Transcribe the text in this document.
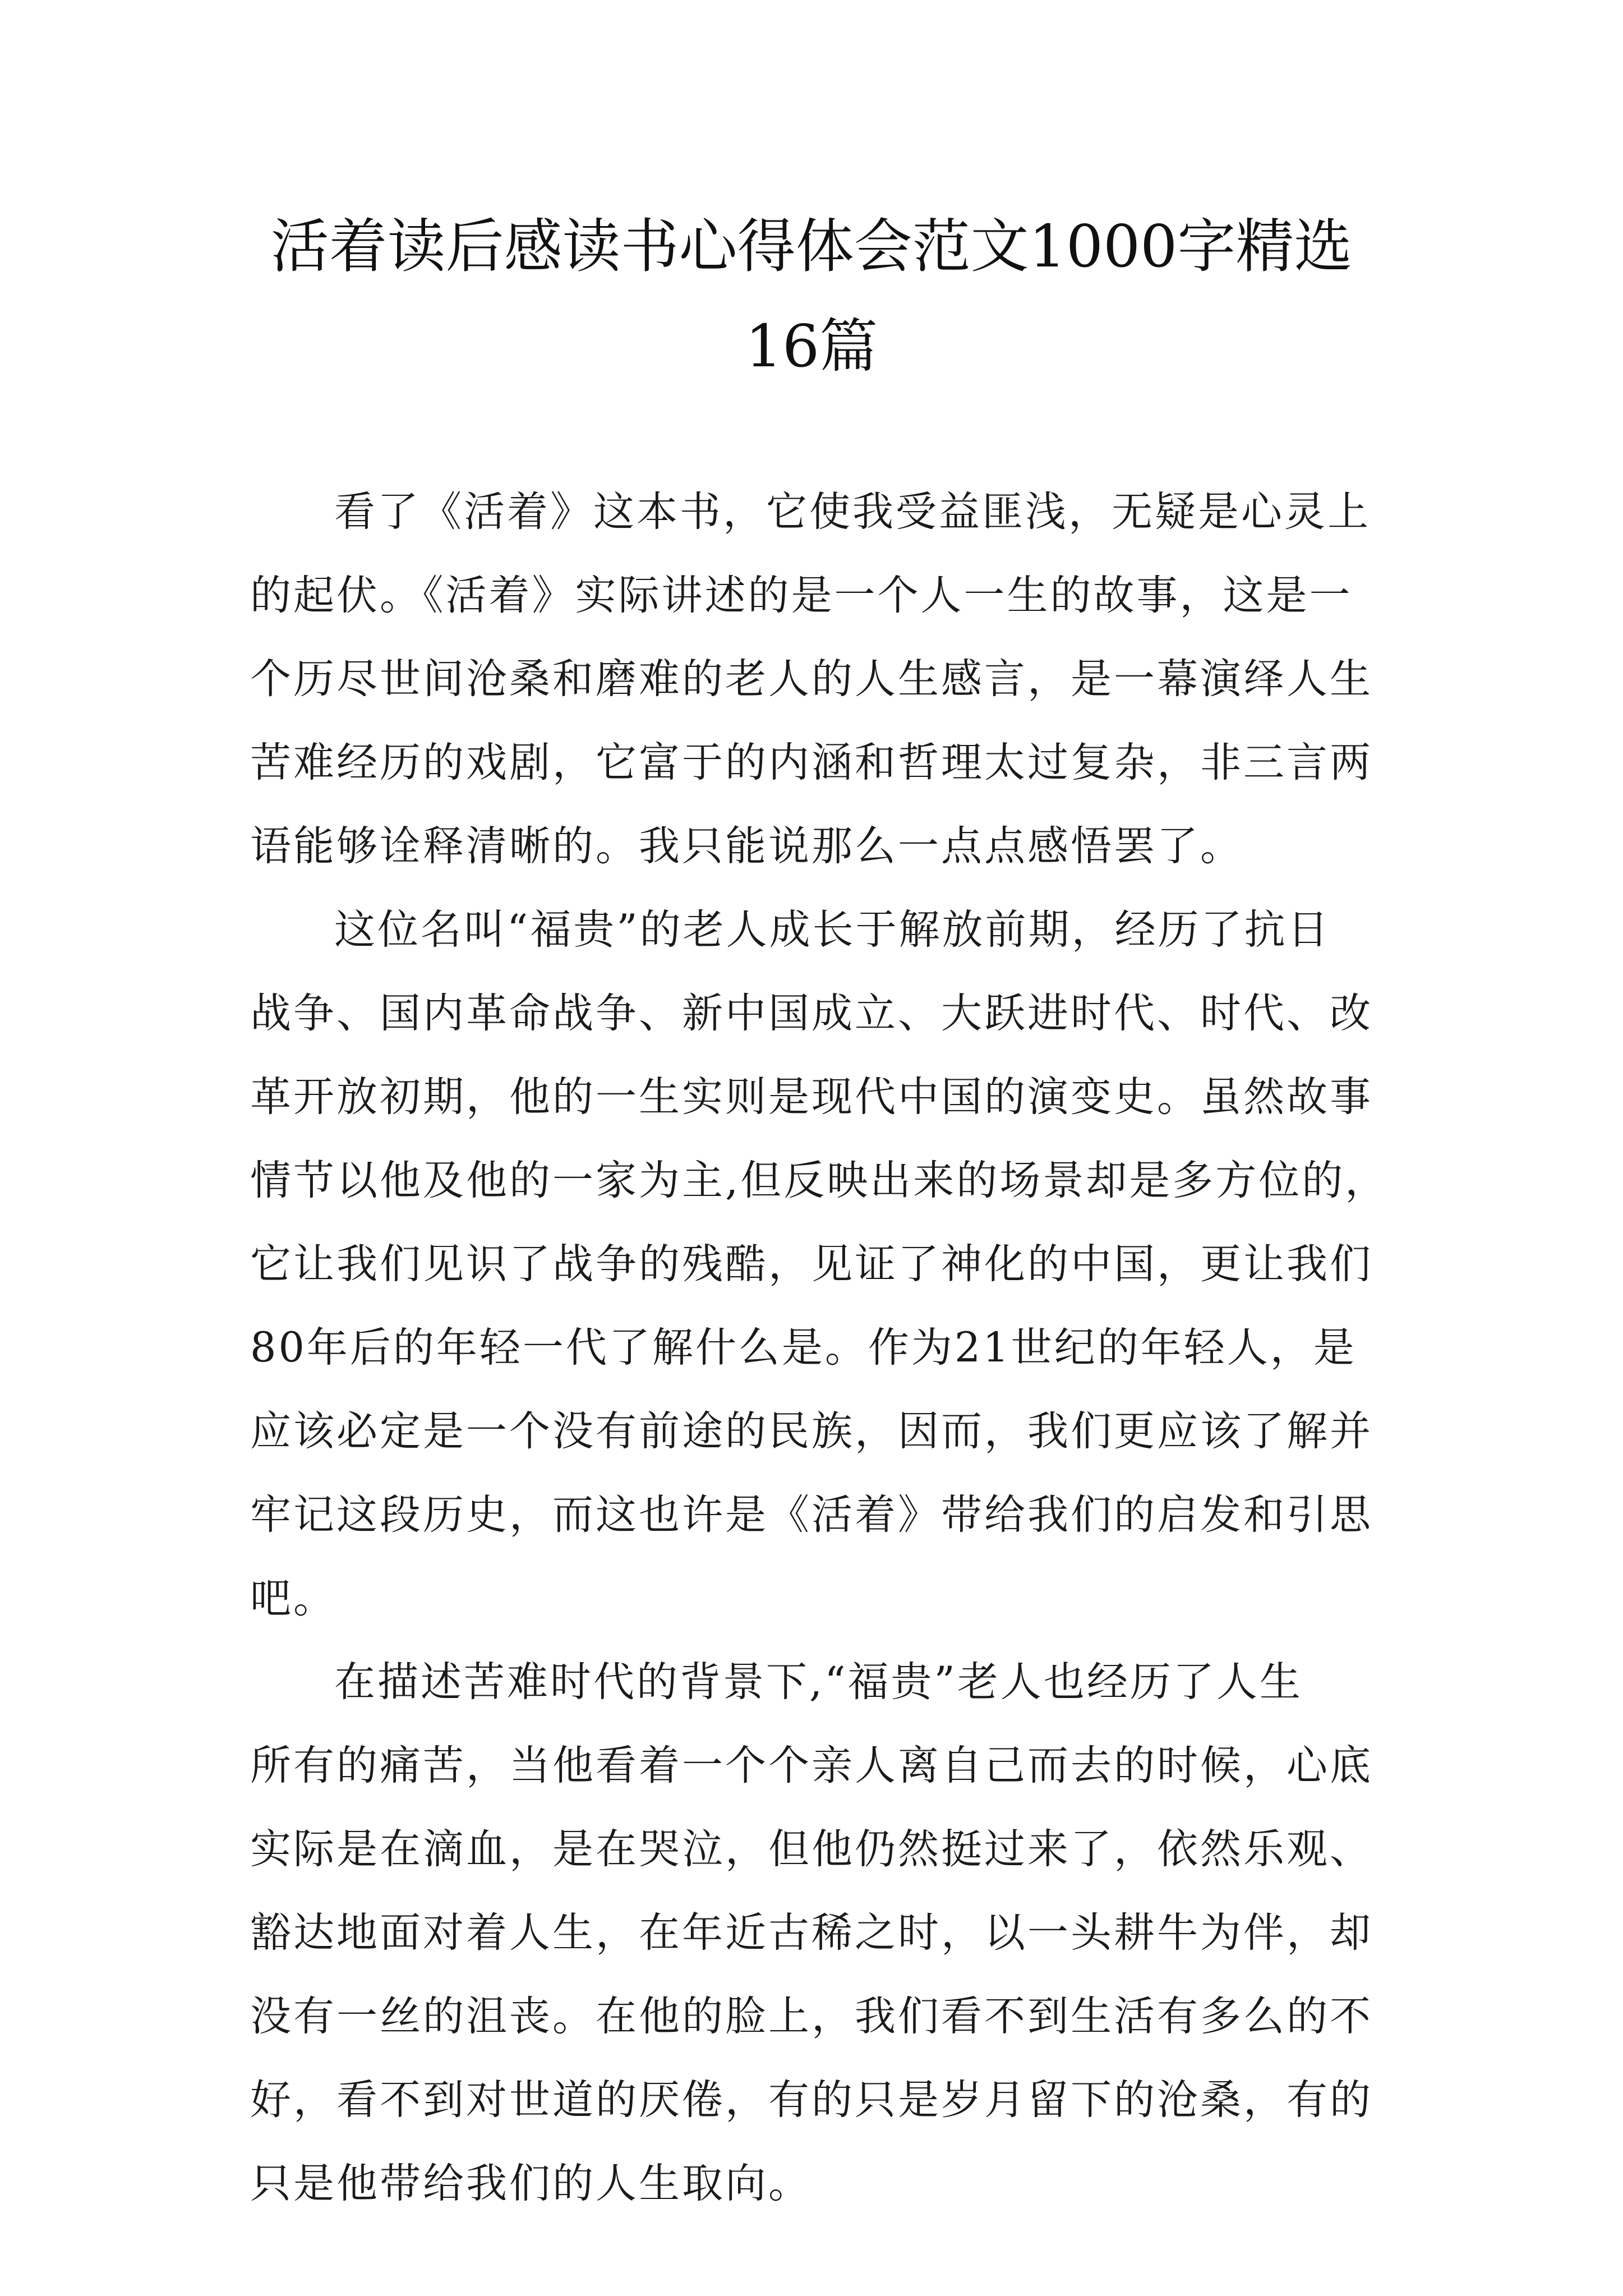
活着读后感读书心得体会范文1000字精选
16篇

看了《活着》这本书，它使我受益匪浅，无疑是心灵上
的起伏。《活着》实际讲述的是一个人一生的故事，这是一
个历尽世间沧桑和磨难的老人的人生感言，是一幕演绎人生
苦难经历的戏剧，它富于的内涵和哲理太过复杂，非三言两
语能够诠释清晰的。我只能说那么一点点感悟罢了。

这位名叫“福贵”的老人成长于解放前期，经历了抗日
战争、国内革命战争、新中国成立、大跃进时代、时代、改
革开放初期，他的一生实则是现代中国的演变史。虽然故事
情节以他及他的一家为主,但反映出来的场景却是多方位的，
它让我们见识了战争的残酷，见证了神化的中国，更让我们
80年后的年轻一代了解什么是。作为21世纪的年轻人，是
应该必定是一个没有前途的民族，因而，我们更应该了解并
牢记这段历史，而这也许是《活着》带给我们的启发和引思
吧。

在描述苦难时代的背景下,“福贵”老人也经历了人生
所有的痛苦，当他看着一个个亲人离自己而去的时候，心底
实际是在滴血，是在哭泣，但他仍然挺过来了，依然乐观、
豁达地面对着人生，在年近古稀之时，以一头耕牛为伴，却
没有一丝的沮丧。在他的脸上，我们看不到生活有多么的不
好，看不到对世道的厌倦，有的只是岁月留下的沧桑，有的
只是他带给我们的人生取向。
